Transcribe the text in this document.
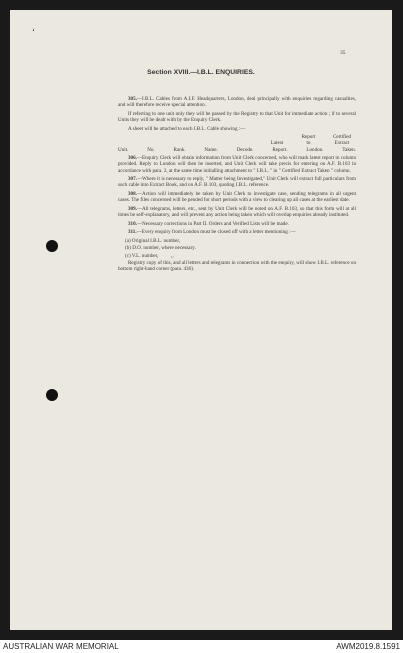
‘
35
Section XVIII.—I.B.L. ENQUIRIES.

305.—I.B.L. Cables from A.I.F. Headquarters, London, deal principally with enquiries regarding casualties, and will therefore receive special attention.

If referring to one unit only they will be passed by the Registry to that Unit for immediate action ; if to several Units they will be dealt with by the Enquiry Clerk.

A sheet will be attached to each I.B.L. Cable showing :—

Report	Certified
Latest	to	Extract
Unit.	No.	Rank.	Name.	Decode.	Report.	London.	Taken.

306.—Enquiry Clerk will obtain information from Unit Clerk concerned, who will mark latest report in column provided. Reply to London will then be inserted, and Unit Clerk will take precis for entering on A.F. B.103 in accordance with para. 2, at the same time initialling attachment to " I.B.L. " in " Certified Extract Taken " column.

307.—Where it is necessary to reply, " Matter being Investigated," Unit Clerk will extract full particulars from such cable into Extract Book, and on A.F. B.103, quoting I.B.L. reference.

308.—Action will immediately be taken by Unit Clerk to investigate case, sending telegrams in all urgent cases. The files concerned will be pended for short periods with a view to clearing up all cases at the earliest date.

309.—All telegrams, letters, etc., sent by Unit Clerk will be noted on A.F. B.103, so that this form will at all times be self-explanatory, and will prevent any action being taken which will overlap enquiries already instituted.

310.—Necessary corrections in Part II. Orders and Verified Lists will be made.

311.—Every enquiry from London must be closed off with a letter mentioning :—

(a) Original I.B.L. number,
(b) D.O. number, where necessary.
(c) V.L. number,          ,,

Registry copy of this, and all letters and telegrams in connection with the enquiry, will show I.B.L. reference on bottom right-hand corner (para. 436).

AUSTRALIAN WAR MEMORIAL	AWM2019.8.1591
